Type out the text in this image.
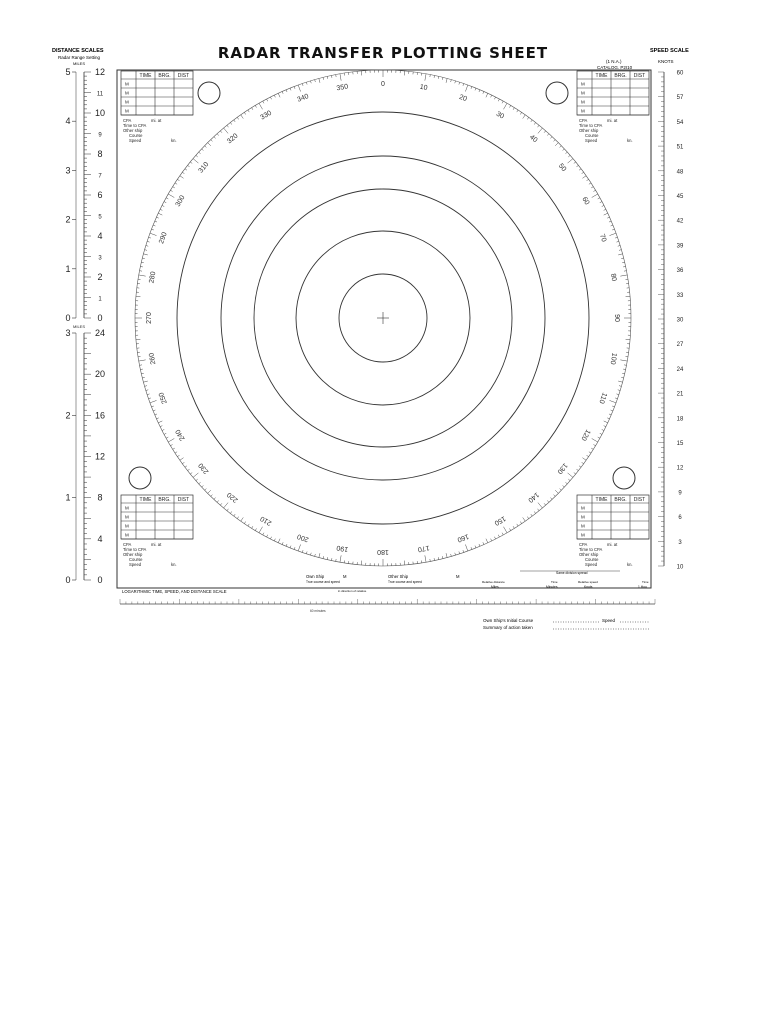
RADAR TRANSFER PLOTTING SHEET
DISTANCE SCALES
Radar Range Setting
MILES
SPEED SCALE
KNOTS
(1 N.A.)
CATALOG. P2I10
0	10
20
30
40
50
60
70
80
90
100
110
120
130
140
150
160
170
180
190
200
210
220
230
240
250
260
270
280
290
300
310
320
330
340
350
TIME BRG. DIST
M
M
M
M
CPA	mi. at
Time to CPA
Other ship
Course
Speed	kn.
TIME BRG. DIST
M
M
M
M
CPA	mi. at
Time to CPA
Other ship
Course
Speed	kn.
TIME BRG. DIST
M
M
M
M
CPA	mi. at
Time to CPA
Other ship
Course
Speed	kn.
TIME BRG. DIST
M
M
M
M
CPA	mi. at
Time to CPA
Other ship
Course
Speed	kn.
0
1
2
3
4
5
6
7
8
9
10
11
12
0
1
2
3
4
5
0
4
8
12
16
20
24
0
1
2
3
MILES
10
3
6
9
12
15
18
21
24
27
30
33
36
39
42
45
48
51
54
57
60
LOGARITHMIC TIME, SPEED, AND DISTANCE SCALE
Own Ship	M
True course and speed
Other Ship	M
True course and speed
in direction of relative
Relative distance
Miles
Time
Minutes
Relative speed
Knots
Time
1 Hou
Same division spread
60 minutes
Own Ship's Initial Course	Speed
Summary of action taken
